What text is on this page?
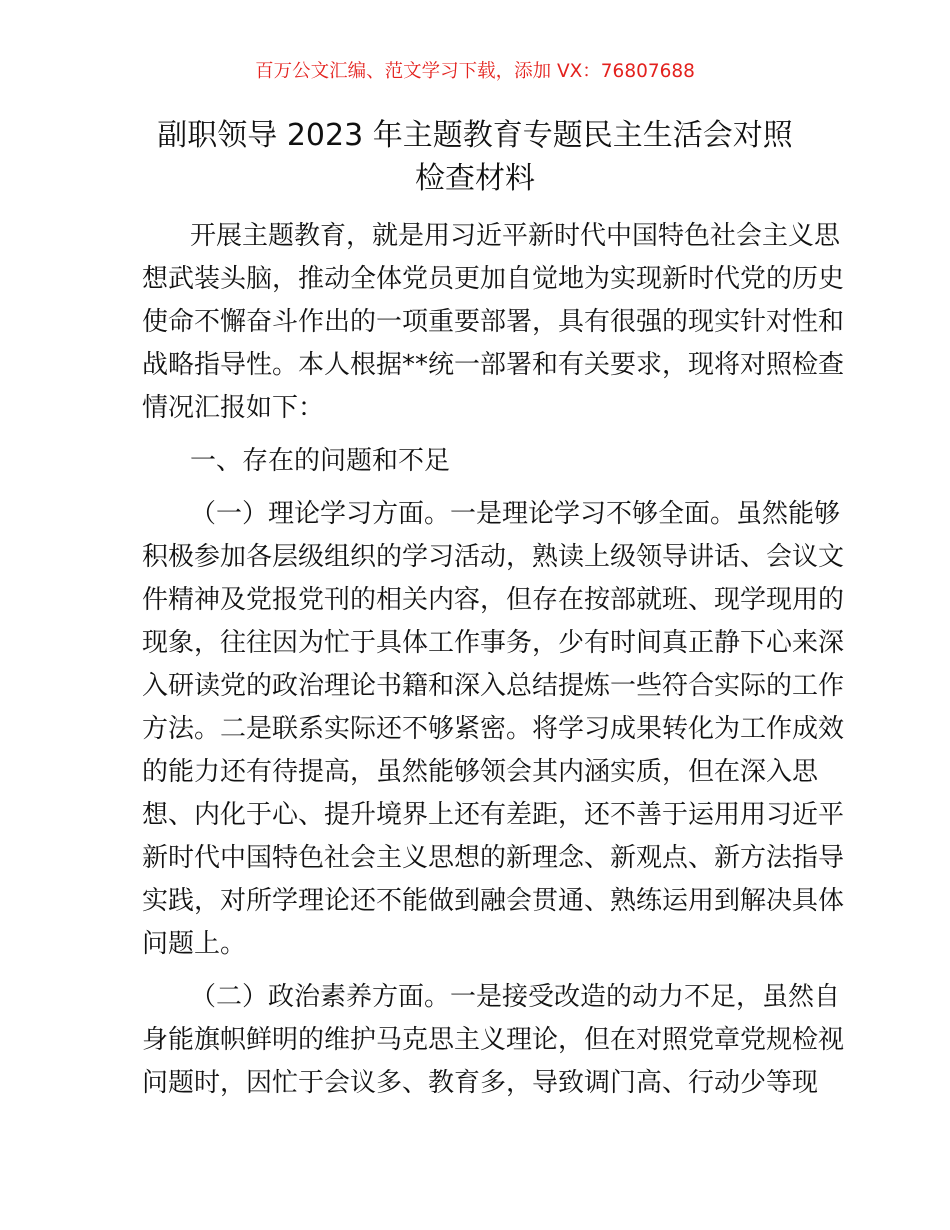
百万公文汇编、范文学习下载，添加 VX：76807688
副职领导 2023 年主题教育专题民主生活会对照
检查材料
开展主题教育，就是用习近平新时代中国特色社会主义思
想武装头脑，推动全体党员更加自觉地为实现新时代党的历史
使命不懈奋斗作出的一项重要部署，具有很强的现实针对性和
战略指导性。本人根据**统一部署和有关要求，现将对照检查
情况汇报如下：
一、存在的问题和不足
（一）理论学习方面。一是理论学习不够全面。虽然能够
积极参加各层级组织的学习活动，熟读上级领导讲话、会议文
件精神及党报党刊的相关内容，但存在按部就班、现学现用的
现象，往往因为忙于具体工作事务，少有时间真正静下心来深
入研读党的政治理论书籍和深入总结提炼一些符合实际的工作
方法。二是联系实际还不够紧密。将学习成果转化为工作成效
的能力还有待提高，虽然能够领会其内涵实质，但在深入思
想、内化于心、提升境界上还有差距，还不善于运用用习近平
新时代中国特色社会主义思想的新理念、新观点、新方法指导
实践，对所学理论还不能做到融会贯通、熟练运用到解决具体
问题上。
（二）政治素养方面。一是接受改造的动力不足，虽然自
身能旗帜鲜明的维护马克思主义理论，但在对照党章党规检视
问题时，因忙于会议多、教育多，导致调门高、行动少等现
